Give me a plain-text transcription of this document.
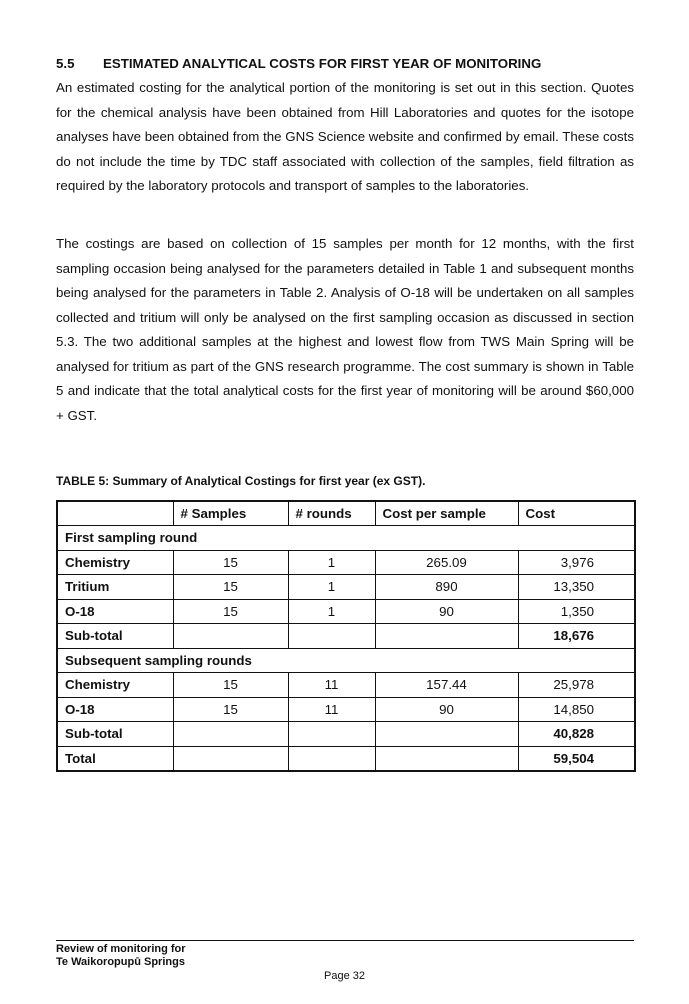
5.5 ESTIMATED ANALYTICAL COSTS FOR FIRST YEAR OF MONITORING

An estimated costing for the analytical portion of the monitoring is set out in this section. Quotes for the chemical analysis have been obtained from Hill Laboratories and quotes for the isotope analyses have been obtained from the GNS Science website and confirmed by email. These costs do not include the time by TDC staff associated with collection of the samples, field filtration as required by the laboratory protocols and transport of samples to the laboratories.

The costings are based on collection of 15 samples per month for 12 months, with the first sampling occasion being analysed for the parameters detailed in Table 1 and subsequent months being analysed for the parameters in Table 2. Analysis of O-18 will be undertaken on all samples collected and tritium will only be analysed on the first sampling occasion as discussed in section 5.3. The two additional samples at the highest and lowest flow from TWS Main Spring will be analysed for tritium as part of the GNS research programme. The cost summary is shown in Table 5 and indicate that the total analytical costs for the first year of monitoring will be around $60,000 + GST.

TABLE 5: Summary of Analytical Costings for first year (ex GST).
	# Samples	# rounds	Cost per sample	Cost
First sampling round				
Chemistry	15	1	265.09	3,976
Tritium	15	1	890	13,350
O-18	15	1	90	1,350
Sub-total				18,676
Subsequent sampling rounds				
Chemistry	15	11	157.44	25,978
O-18	15	11	90	14,850
Sub-total				40,828
Total				59,504
Review of monitoring for
Te Waikoropupū Springs
Page 32
